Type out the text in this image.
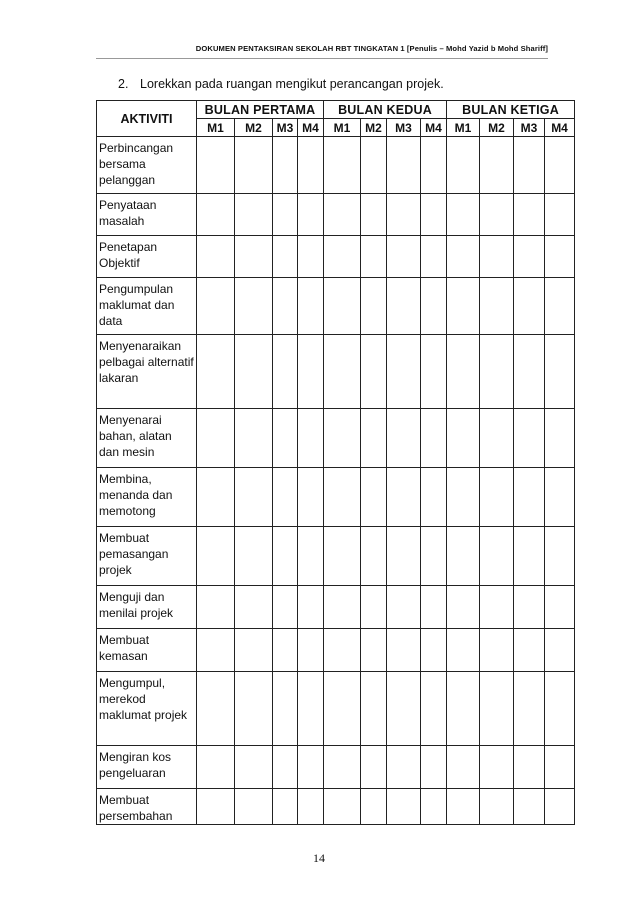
DOKUMEN PENTAKSIRAN SEKOLAH RBT TINGKATAN 1 [Penulis – Mohd Yazid b Mohd Shariff]
2. Lorekkan pada ruangan mengikut perancangan projek.
AKTIVITI	BULAN PERTAMA				BULAN KEDUA				BULAN KETIGA			
	M1	M2	M3	M4	M1	M2	M3	M4	M1	M2	M3	M4
Perbincangan bersama pelanggan												
Penyataan masalah												
Penetapan Objektif												
Pengumpulan maklumat dan data												
Menyenaraikan pelbagai alternatif lakaran												
Menyenarai bahan, alatan dan mesin												
Membina, menanda dan memotong												
Membuat pemasangan projek												
Menguji dan menilai projek												
Membuat kemasan												
Mengumpul, merekod maklumat projek												
Mengiran kos pengeluaran												
Membuat persembahan												
14
